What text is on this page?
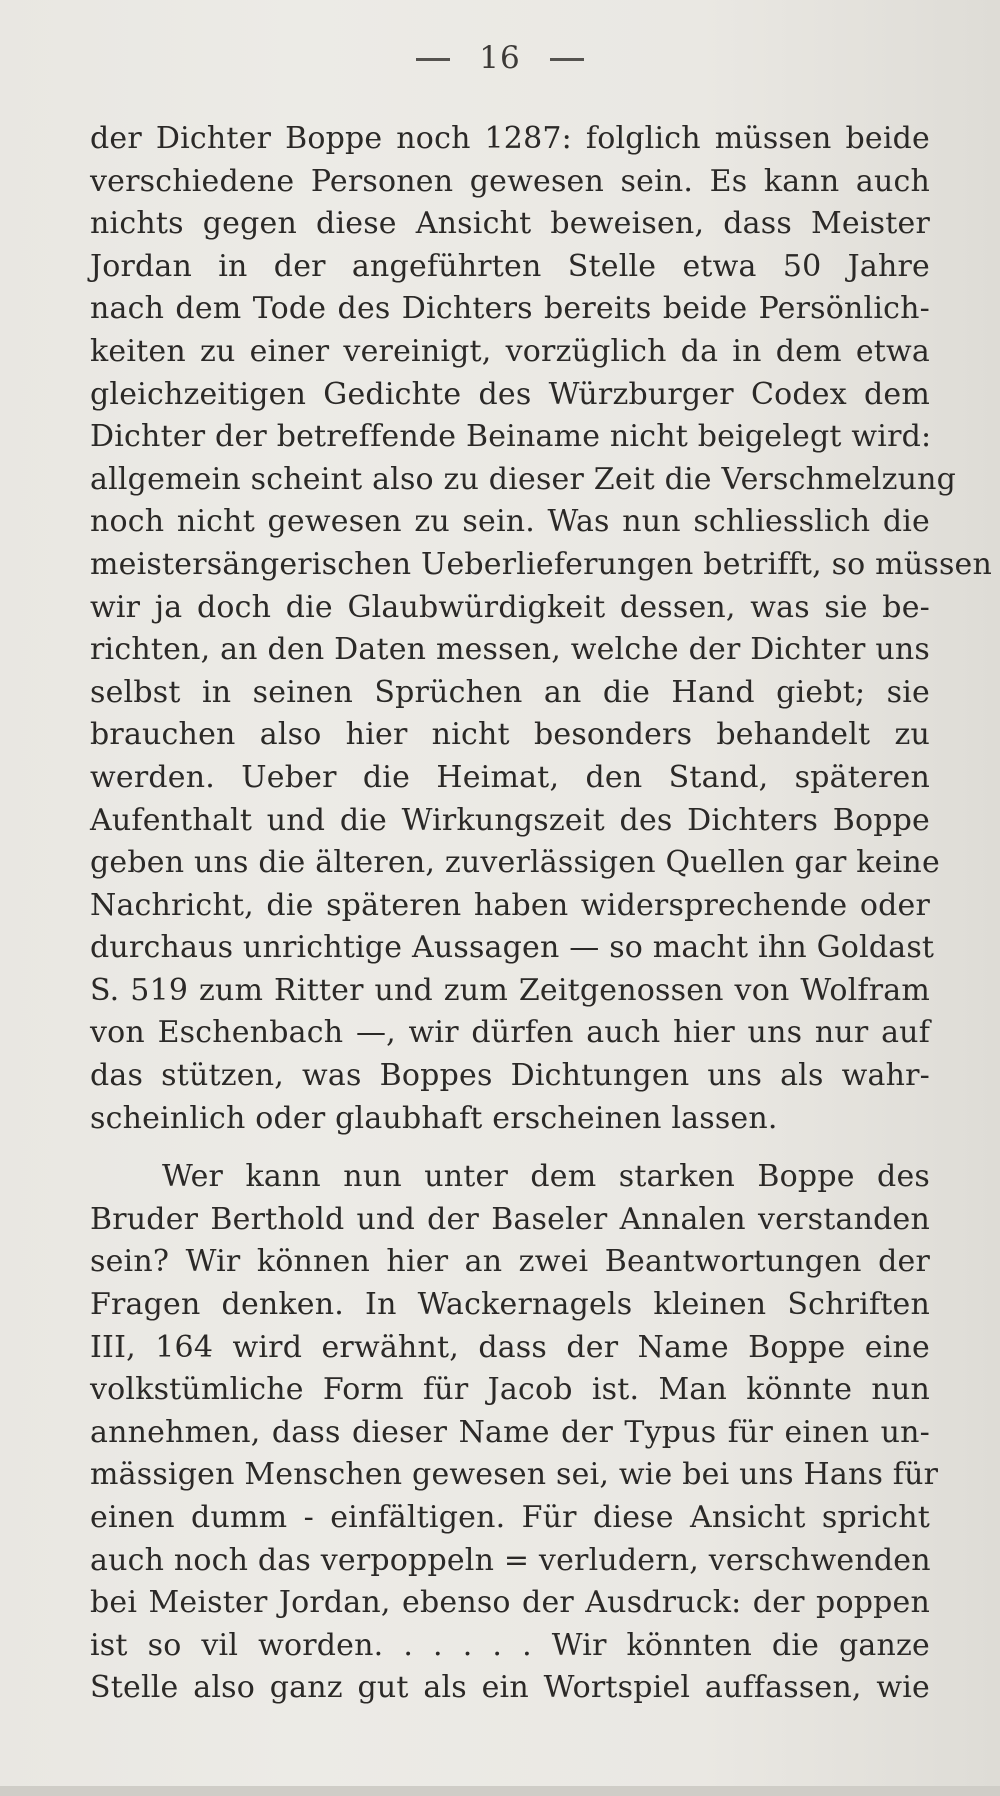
16
der Dichter Boppe noch 1287: folglich müssen beide
verschiedene Personen gewesen sein. Es kann auch
nichts gegen diese Ansicht beweisen, dass Meister
Jordan in der angeführten Stelle etwa 50 Jahre
nach dem Tode des Dichters bereits beide Persönlich-
keiten zu einer vereinigt, vorzüglich da in dem etwa
gleichzeitigen Gedichte des Würzburger Codex dem
Dichter der betreffende Beiname nicht beigelegt wird:
allgemein scheint also zu dieser Zeit die Verschmelzung
noch nicht gewesen zu sein. Was nun schliesslich die
meistersängerischen Ueberlieferungen betrifft, so müssen
wir ja doch die Glaubwürdigkeit dessen, was sie be-
richten, an den Daten messen, welche der Dichter uns
selbst in seinen Sprüchen an die Hand giebt; sie
brauchen also hier nicht besonders behandelt zu
werden. Ueber die Heimat, den Stand, späteren
Aufenthalt und die Wirkungszeit des Dichters Boppe
geben uns die älteren, zuverlässigen Quellen gar keine
Nachricht, die späteren haben widersprechende oder
durchaus unrichtige Aussagen — so macht ihn Goldast
S. 519 zum Ritter und zum Zeitgenossen von Wolfram
von Eschenbach —, wir dürfen auch hier uns nur auf
das stützen, was Boppes Dichtungen uns als wahr-
scheinlich oder glaubhaft erscheinen lassen.
Wer kann nun unter dem starken Boppe des
Bruder Berthold und der Baseler Annalen verstanden
sein? Wir können hier an zwei Beantwortungen der
Fragen denken. In Wackernagels kleinen Schriften
III, 164 wird erwähnt, dass der Name Boppe eine
volkstümliche Form für Jacob ist. Man könnte nun
annehmen, dass dieser Name der Typus für einen un-
mässigen Menschen gewesen sei, wie bei uns Hans für
einen dumm - einfältigen. Für diese Ansicht spricht
auch noch das verpoppeln = verludern, verschwenden
bei Meister Jordan, ebenso der Ausdruck: der poppen
ist so vil worden. . . . . . Wir könnten die ganze
Stelle also ganz gut als ein Wortspiel auffassen, wie
